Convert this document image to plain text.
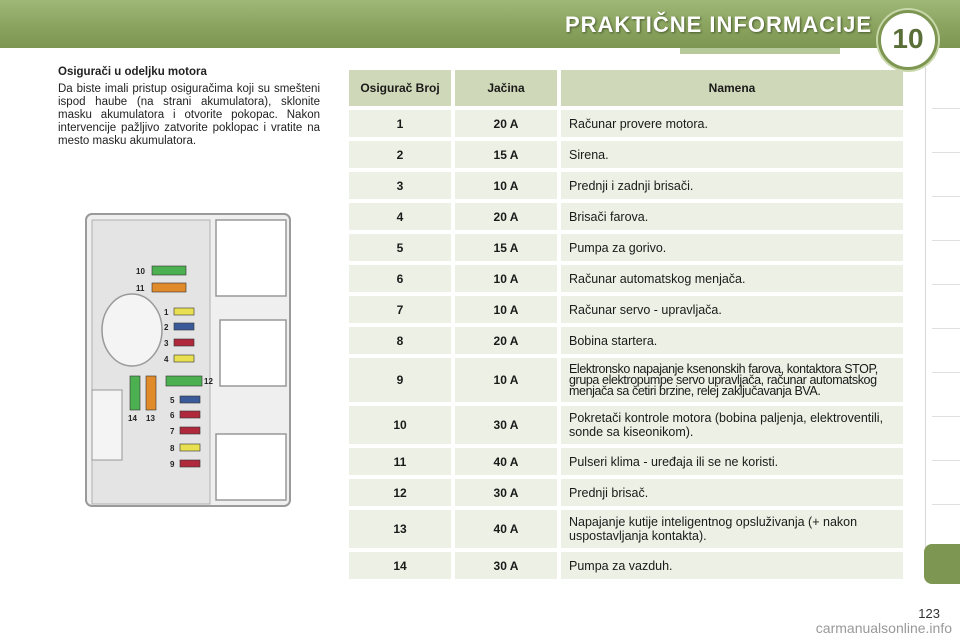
PRAKTIČNE INFORMACIJE 10
Osigurači u odeljku motora
Da biste imali pristup osiguračima koji su smešteni ispod haube (na strani akumulatora), sklonite masku akumulatora i otvorite pokopac. Nakon intervencije pažljivo zatvorite poklopac i vratite na mesto masku akumulatora.
10
11
1
2
3
4
12
5
6
7
8
9
14 13
Osigurač Broj	Jačina	Namena
1	20 A	Računar provere motora.
2	15 A	Sirena.
3	10 A	Prednji i zadnji brisači.
4	20 A	Brisači farova.
5	15 A	Pumpa za gorivo.
6	10 A	Računar automatskog menjača.
7	10 A	Računar servo - upravljača.
8	20 A	Bobina startera.
9	10 A	Elektronsko napajanje ksenonskih farova, kontaktora STOP, grupa elektropumpe servo upravljača, računar automatskog menjača sa četiri brzine, relej zaključavanja BVA.
10	30 A	Pokretači kontrole motora (bobina paljenja, elektroventili, sonde sa kiseonikom).
11	40 A	Pulseri klima - uređaja ili se ne koristi.
12	30 A	Prednji brisač.
13	40 A	Napajanje kutije inteligentnog opsluživanja (+ nakon uspostavljanja kontakta).
14	30 A	Pumpa za vazduh.
123
carmanualsonline.info
